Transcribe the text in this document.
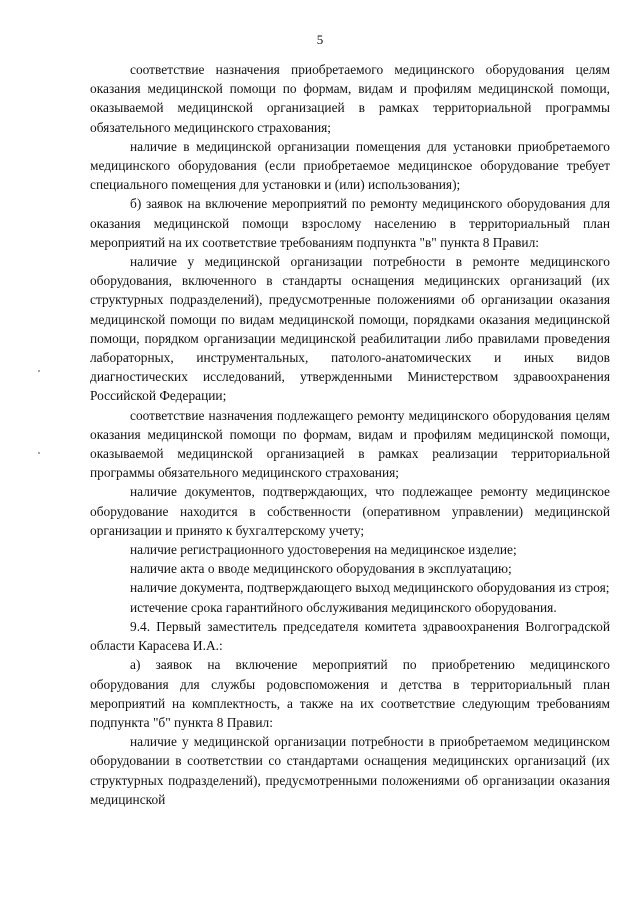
5

соответствие назначения приобретаемого медицинского оборудования целям оказания медицинской помощи по формам, видам и профилям медицинской помощи, оказываемой медицинской организацией в рамках территориальной программы обязательного медицинского страхования;

наличие в медицинской организации помещения для установки приобретаемого медицинского оборудования (если приобретаемое медицинское оборудование требует специального помещения для установки и (или) использования);

б) заявок на включение мероприятий по ремонту медицинского оборудования для оказания медицинской помощи взрослому населению в территориальный план мероприятий на их соответствие требованиям подпункта "в" пункта 8 Правил:

наличие у медицинской организации потребности в ремонте медицинского оборудования, включенного в стандарты оснащения медицинских организаций (их структурных подразделений), предусмотренные положениями об организации оказания медицинской помощи по видам медицинской помощи, порядками оказания медицинской помощи, порядком организации медицинской реабилитации либо правилами проведения лабораторных, инструментальных, патолого-анатомических и иных видов диагностических исследований, утвержденными Министерством здравоохранения Российской Федерации;

соответствие назначения подлежащего ремонту медицинского оборудования целям оказания медицинской помощи по формам, видам и профилям медицинской помощи, оказываемой медицинской организацией в рамках реализации территориальной программы обязательного медицинского страхования;

наличие документов, подтверждающих, что подлежащее ремонту медицинское оборудование находится в собственности (оперативном управлении) медицинской организации и принято к бухгалтерскому учету;

наличие регистрационного удостоверения на медицинское изделие;

наличие акта о вводе медицинского оборудования в эксплуатацию;

наличие документа, подтверждающего выход медицинского оборудования из строя;

истечение срока гарантийного обслуживания медицинского оборудования.

9.4. Первый заместитель председателя комитета здравоохранения Волгоградской области Карасева И.А.:

а) заявок на включение мероприятий по приобретению медицинского оборудования для службы родовспоможения и детства в территориальный план мероприятий на комплектность, а также на их соответствие следующим требованиям подпункта "б" пункта 8 Правил:

наличие у медицинской организации потребности в приобретаемом медицинском оборудовании в соответствии со стандартами оснащения медицинских организаций (их структурных подразделений), предусмотренными положениями об организации оказания медицинской
